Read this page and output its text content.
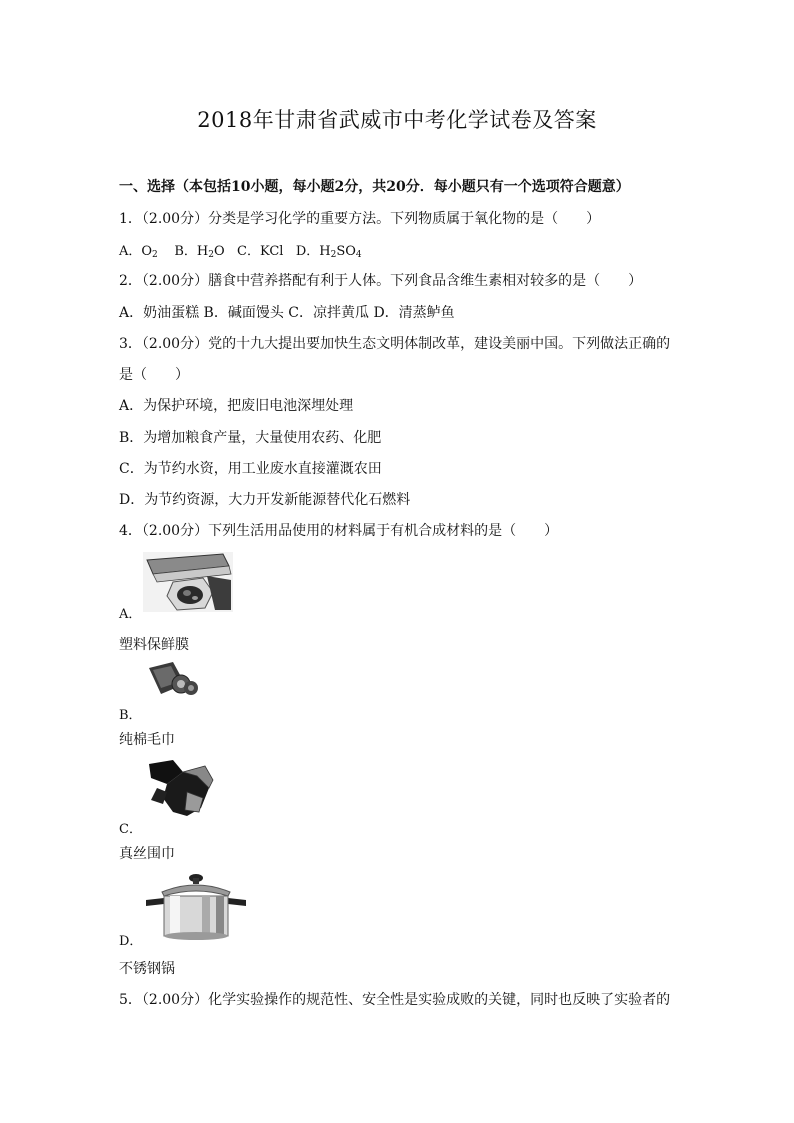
2018年甘肃省武威市中考化学试卷及答案
一、选择（本包括10小题，每小题2分，共20分．每小题只有一个选项符合题意）
1．（2.00分）分类是学习化学的重要方法。下列物质属于氧化物的是（　　）
A．$O_2$ B．$H_2O$ C．KCl D．$H_2SO_4$
2．（2.00分）膳食中营养搭配有利于人体。下列食品含维生素相对较多的是（　　）
A．奶油蛋糕 B．碱面馒头 C．凉拌黄瓜 D．清蒸鲈鱼
3．（2.00分）党的十九大提出要加快生态文明体制改革，建设美丽中国。下列做法正确的
是（　　）
A．为保护环境，把废旧电池深埋处理
B．为增加粮食产量，大量使用农药、化肥
C．为节约水资，用工业废水直接灌溉农田
D．为节约资源，大力开发新能源替代化石燃料
4．（2.00分）下列生活用品使用的材料属于有机合成材料的是（　　）
A．
塑料保鲜膜
B．
纯棉毛巾
C．
真丝围巾
D．
不锈钢锅
5．（2.00分）化学实验操作的规范性、安全性是实验成败的关键，同时也反映了实验者的
